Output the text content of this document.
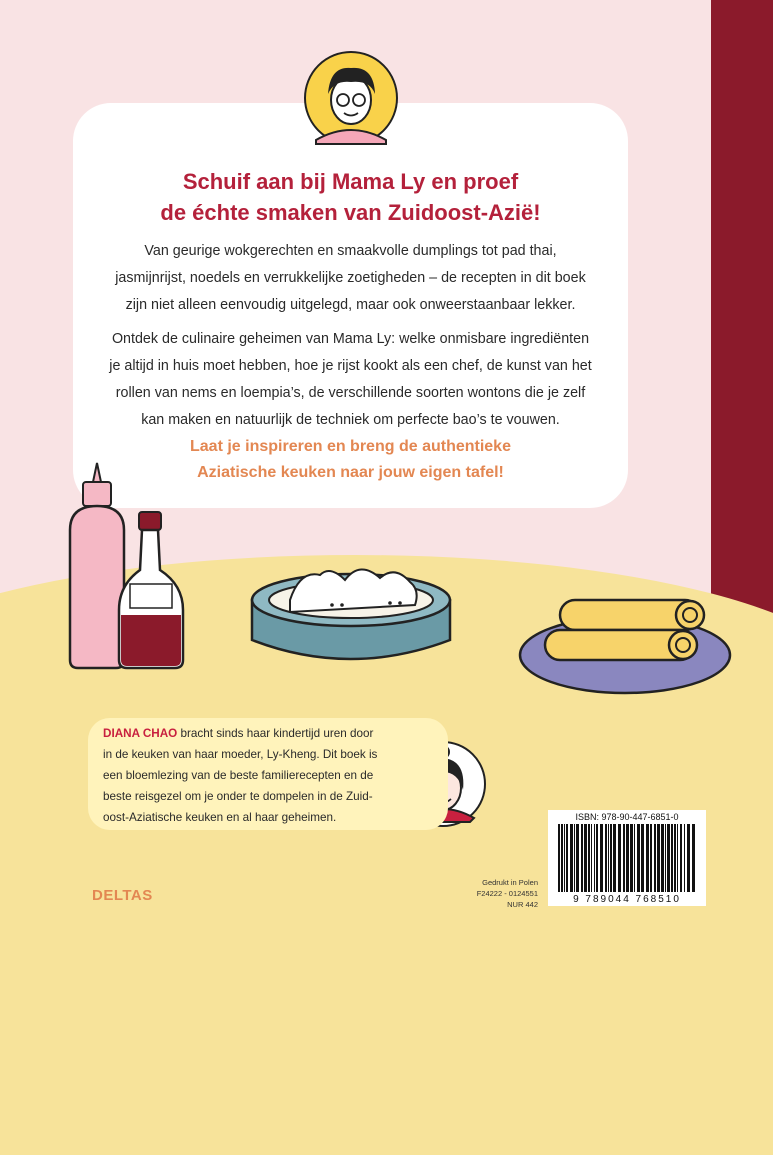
Schuif aan bij Mama Ly en proef
de échte smaken van Zuidoost-Azië!
Van geurige wokgerechten en smaakvolle dumplings tot pad thai,
jasmijnrijst, noedels en verrukkelijke zoetigheden – de recepten in dit boek
zijn niet alleen eenvoudig uitgelegd, maar ook onweerstaanbaar lekker.
Ontdek de culinaire geheimen van Mama Ly: welke onmisbare ingrediënten
je altijd in huis moet hebben, hoe je rijst kookt als een chef, de kunst van het
rollen van nems en loempia’s, de verschillende soorten wontons die je zelf
kan maken en natuurlijk de techniek om perfecte bao’s te vouwen.
Laat je inspireren en breng de authentieke
Aziatische keuken naar jouw eigen tafel!
DIANA CHAO bracht sinds haar kindertijd uren door
in de keuken van haar moeder, Ly-Kheng. Dit boek is
een bloemlezing van de beste familierecepten en de
beste reisgezel om je onder te dompelen in de Zuid-
oost-Aziatische keuken en al haar geheimen.
DELTAS
Gedrukt in Polen
F24222 - 0124551
NUR 442
ISBN: 978-90-447-6851-0
9 789044 768510
